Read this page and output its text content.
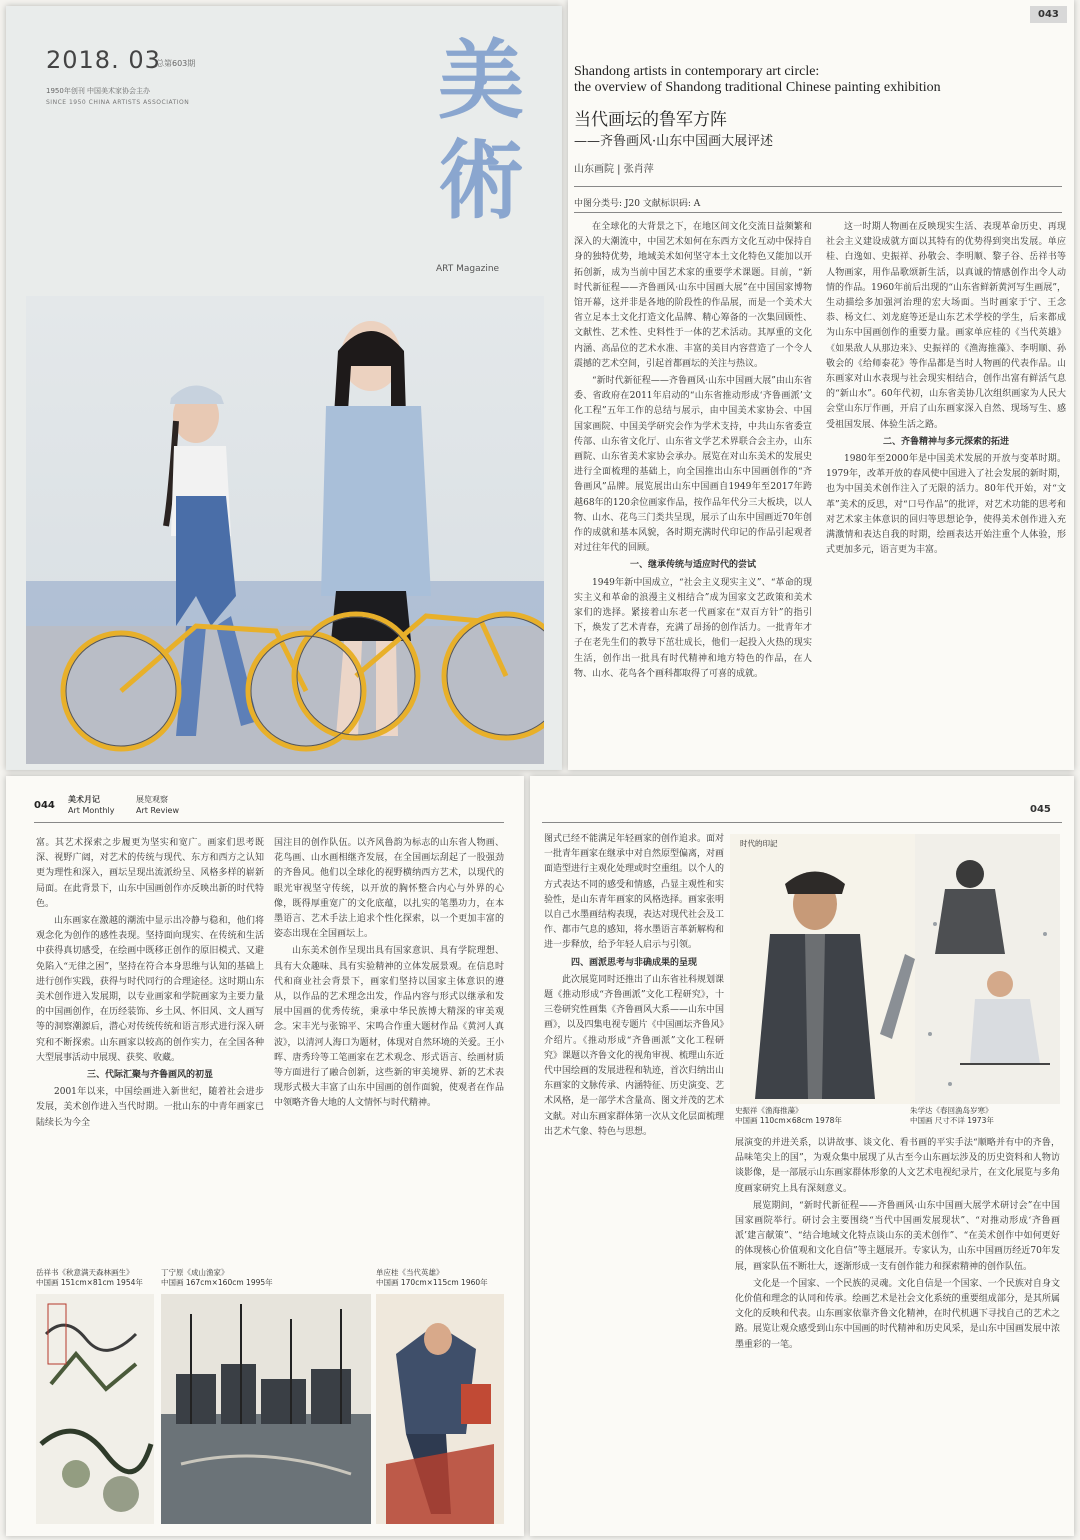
2018. 03
总第603期
1950年创刊 中国美术家协会主办
SINCE 1950 CHINA ARTISTS ASSOCIATION	美術
ART Magazine
043
Shandong artists in contemporary art circle:
the overview of Shandong traditional Chinese painting exhibition
当代画坛的鲁军方阵
——齐鲁画风·山东中国画大展评述
山东画院 | 张肖萍
中图分类号: J20 文献标识码: A

在全球化的大背景之下，在地区间文化交流日益频繁和深入的大潮流中，中国艺术如何在东西方文化互动中保持自身的独特优势，地域美术如何坚守本土文化特色又能加以开拓创新，成为当前中国艺术家的重要学术课题。目前，“新时代新征程——齐鲁画风·山东中国画大展”在中国国家博物馆开幕，这并非是各地的阶段性的作品展，而是一个美术大省立足本土文化打造文化品牌、精心筹备的一次集回顾性、文献性、艺术性、史料性于一体的艺术活动。其厚重的文化内涵、高品位的艺术水准、丰富的美目内容营造了一个令人震撼的艺术空间，引起首都画坛的关注与热议。

“新时代新征程——齐鲁画风·山东中国画大展”由山东省委、省政府在2011年启动的“山东省推动形成‘齐鲁画派’文化工程”五年工作的总结与展示，由中国美术家协会、中国国家画院、中国美学研究会作为学术支持，中共山东省委宣传部、山东省文化厅、山东省文学艺术界联合会主办，山东画院、山东省美术家协会承办。展览在对山东美术的发展史进行全面梳理的基础上，向全国推出山东中国画创作的“齐鲁画风”品牌。展览展出山东中国画自1949年至2017年跨越68年的120余位画家作品，按作品年代分三大板块，以人物、山水、花鸟三门类共呈现，展示了山东中国画近70年创作的成就和基本风貌，各时期充满时代印记的作品引起观者对过往年代的回顾。

一、继承传统与适应时代的尝试

1949年新中国成立，“社会主义现实主义”、“革命的现实主义和革命的浪漫主义相结合”成为国家文艺政策和美术家们的选择。紧接着山东老一代画家在“双百方针”的指引下，焕发了艺术青春，充满了昂扬的创作活力。一批青年才子在老先生们的教导下茁壮成长，他们一起投入火热的现实生活，创作出一批具有时代精神和地方特色的作品，在人物、山水、花鸟各个画科都取得了可喜的成就。

这一时期人物画在反映现实生活、表现革命历史、再现社会主义建设成就方面以其特有的优势得到突出发展。单应桂、白逸如、史振祥、孙敬会、李明顺、黎子谷、岳祥书等人物画家，用作品歌颂新生活，以真诚的情感创作出令人动情的作品。1960年前后出现的“山东省鲜新黄河写生画展”，生动描绘多加强河治理的宏大场面。当时画家于宁、王念恭、杨文仁、刘龙庭等还是山东艺术学校的学生，后来都成为山东中国画创作的重要力量。画家单应桂的《当代英雄》《如果敌人从那边来》、史振祥的《渔海推藻》、李明顺、孙敬会的《给师泰花》等作品都是当时人物画的代表作品。山东画家对山水表现与社会现实相结合，创作出富有鲜活气息的“新山水”。60年代初，山东省美协几次组织画家为人民大会堂山东厅作画，开启了山东画家深入自然、现场写生、感受祖国发展、体验生活之路。

二、齐鲁精神与多元探索的拓进

1980年至2000年是中国美术发展的开放与变革时期。1979年，改革开放的春风使中国进入了社会发展的新时期，也为中国美术创作注入了无限的活力。80年代开始，对“文革”美术的反思，对“口号作品”的批评，对艺术功能的思考和对艺术家主体意识的回归等思想论争，使得美术创作进入充满激情和表达自我的时期，绘画表达开始注重个人体验，形式更加多元，语言更为丰富。

044
美术月记
Art Monthly
展览观察
Art Review

富。其艺术探索之步履更为坚实和宽广。画家们思考既深、视野广阔，对艺术的传统与现代、东方和西方之认知更为理性和深入，画坛呈现出流派纷呈、风格多样的崭新局面。在此背景下，山东中国画创作亦反映出新的时代特色。

山东画家在激越的潮流中显示出冷静与稳和，他们将观念化为创作的感性表现。坚持面向现实、在传统和生活中获得真切感受，在绘画中既移正创作的原旧模式、又避免陷入“无律之困”，坚持在符合本身思维与认知的基础上进行创作实践，获得与时代同行的合理途径。这时期山东美术创作进入发展期，以专业画家和学院画家为主要力量的中国画创作，在历经装饰、乡土风、怀旧风、文人画写等的洞察潮源后，潜心对传统传统和语言形式进行深入研究和不断探索。山东画家以较高的创作实力，在全国各种大型展事活动中展现、获奖、收藏。

三、代际汇聚与齐鲁画风的初显

2001年以来，中国绘画进入新世纪，随着社会进步发展，美术创作进入当代时期。一批山东的中青年画家已陆续长为今全

国注目的创作队伍。以齐风鲁韵为标志的山东省人物画、花鸟画、山水画相继齐发展，在全国画坛刮起了一股强劲的齐鲁风。他们以全球化的视野横纳西方艺术，以现代的眼光审视坚守传统，以开放的胸怀整合内心与外界的心像，既得厚重宽广的文化底蕴，以扎实的笔墨功力，在本墨语言、艺术手法上追求个性化探索，以一个更加丰富的姿态出现在全国画坛上。

山东美术创作呈现出具有国家意识、具有学院理想、具有大众趣味、具有实验精神的立体发展景观。在信息时代和商业社会背景下，画家们坚持以国家主体意识的遵从，以作品的艺术理念出发，作品内容与形式以继承和发展中国画的优秀传统，秉承中华民族博大精深的审美观念。宋丰光与张锦平、宋鸣合作重大题材作品《黄河人真波》，以清河人海口为题材，体现对自然环境的关爱。王小晖、唐秀玲等工笔画家在艺术观念、形式语言、绘画材质等方面进行了融合创新，这些新的审美境界、新的艺术表现形式极大丰富了山东中国画的创作面貌，使观者在作品中领略齐鲁大地的人文情怀与时代精神。

岳祥书《秋意满天森林画生》
中国画 151cm×81cm 1954年
丁宁原《成山渔家》
中国画 167cm×160cm 1995年
单应桂《当代英雄》
中国画 170cm×115cm 1960年
045

图式已经不能满足年轻画家的创作追求。面对一批青年画家在继承中对自然原型偏离，对画面造型进行主观化处理或时空重组。以个人的方式表达不同的感受和情感，凸显主观性和实验性，是山东青年画家的风格选择。画家张明以自己水墨画结构表现，表达对现代社会及工作、都市气息的感知，将水墨语言革新解构和进一步释放，给予年轻人启示与引领。

四、画派思考与非确成果的呈现

此次展览同时还推出了山东省社科规划课题《推动形成“齐鲁画派”文化工程研究》，十三卷研究性画集《齐鲁画风大系——山东中国画》，以及四集电视专题片《中国画坛齐鲁风》介绍片。《推动形成“齐鲁画派”文化工程研究》课题以齐鲁文化的视角审视、梳理山东近代中国绘画的发展进程和轨迹，首次归纳出山东画家的文脉传承、内涵特征、历史演变、艺术风格，是一部学术含量高、图文并茂的艺术文献。对山东画家群体第一次从文化层面梳理出艺术气象、特色与思想。

时代的印記
史振祥《渔海推藻》
中国画 110cm×68cm 1978年
朱学达《春回漁岛岁寒》
中国画 尺寸不详 1973年

展演变的并进关系，以讲故事、谈文化、看书画的平实手法“顺略并有中的齐鲁，品味笔尖上的国”，为观众集中展现了从古至今山东画坛涉及的历史资料和人物访谈影像，是一部展示山东画家群体形象的人文艺术电视纪录片，在文化展览与多角度画家研究上具有深刻意义。

展览期间，“新时代新征程——齐鲁画风·山东中国画大展学术研讨会”在中国国家画院举行。研讨会主要围绕“当代中国画发展现状”、“对推动形成‘齐鲁画派’建言献策”、“结合地域文化特点谈山东的美术创作”、“在美术创作中如何更好的体现核心价值观和文化自信”等主题展开。专家认为，山东中国画历经近70年发展，画家队伍不断壮大，逐渐形成一支有创作能力和探索精神的创作队伍。

文化是一个国家、一个民族的灵魂。文化自信是一个国家、一个民族对自身文化价值和理念的认同和传承。绘画艺术是社会文化系统的重要组成部分，是其所属文化的反映和代表。山东画家依靠齐鲁文化精神，在时代机遇下寻找自己的艺术之路。展览让观众感受到山东中国画的时代精神和历史风采，是山东中国画发展中浓墨重彩的一笔。
